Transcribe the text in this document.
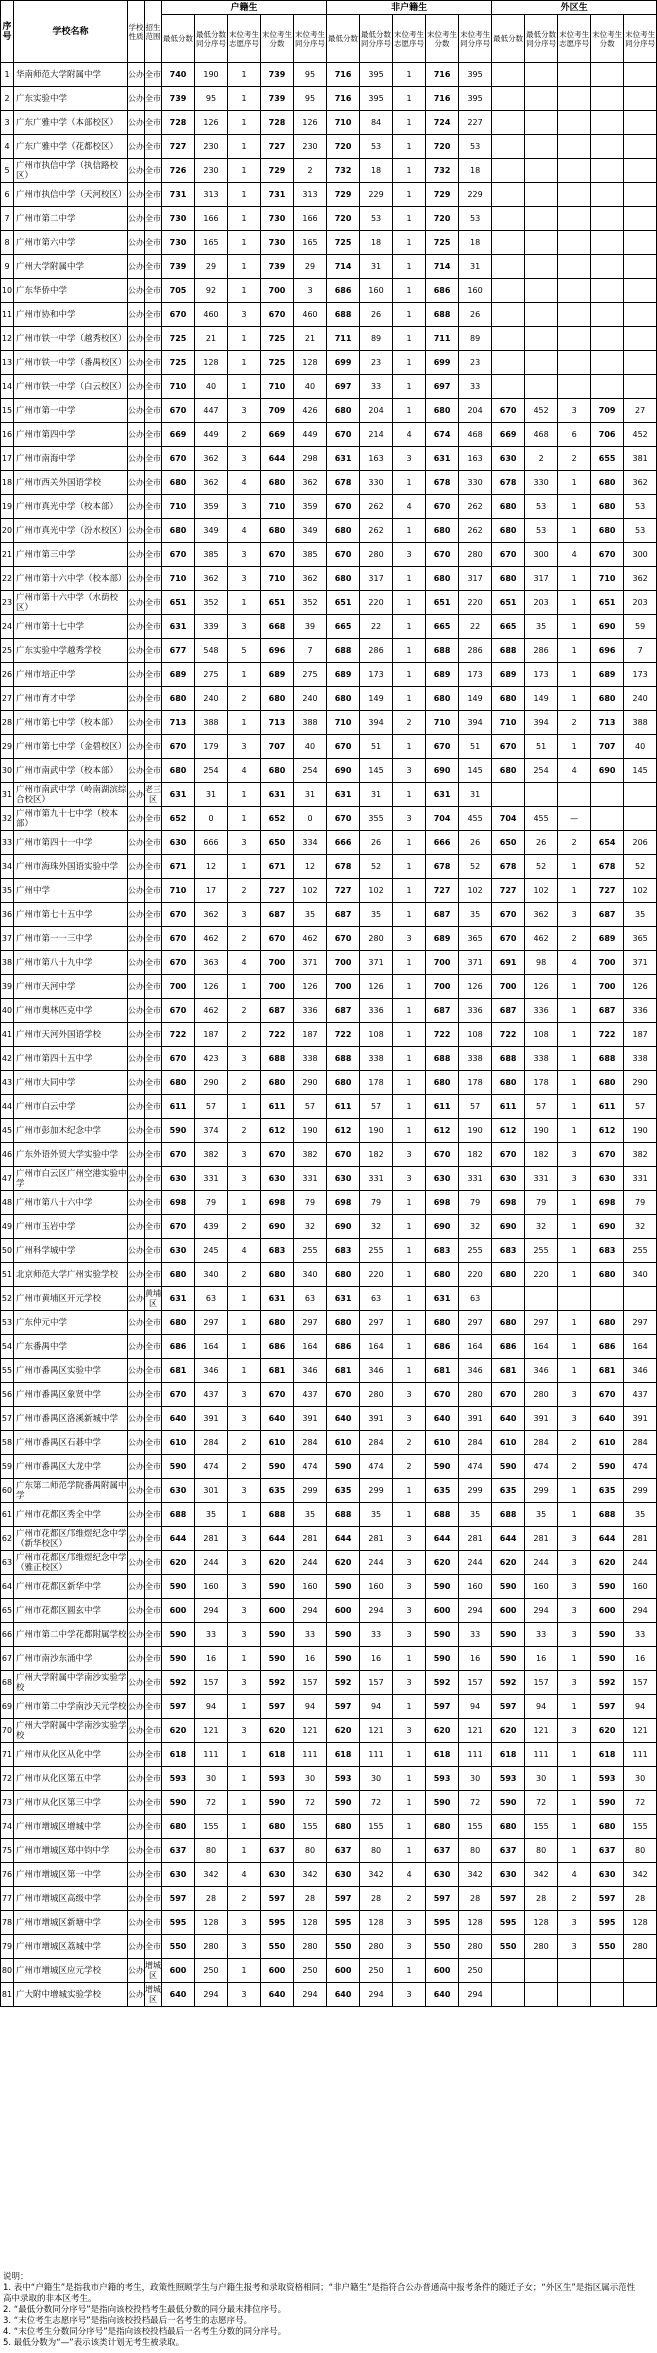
序号	学校名称	学校性质	招生范围	户籍生					非户籍生					外区生				
				最低分数	最低分数同分序号	末位考生志愿序号	末位考生分数	末位考生同分序号	最低分数	最低分数同分序号	末位考生志愿序号	末位考生分数	末位考生同分序号	最低分数	最低分数同分序号	末位考生志愿序号	末位考生分数	末位考生同分序号
1	华南师范大学附属中学	公办	全市	740	190	1	739	95	716	395	1	716	395					
2	广东实验中学	公办	全市	739	95	1	739	95	716	395	1	716	395					
3	广东广雅中学（本部校区）	公办	全市	728	126	1	728	126	710	84	1	724	227					
4	广东广雅中学（花都校区）	公办	全市	727	230	1	727	230	720	53	1	720	53					
5	广州市执信中学（执信路校区）	公办	全市	726	230	1	729	2	732	18	1	732	18					
6	广州市执信中学（天河校区）	公办	全市	731	313	1	731	313	729	229	1	729	229					
7	广州市第二中学	公办	全市	730	166	1	730	166	720	53	1	720	53					
8	广州市第六中学	公办	全市	730	165	1	730	165	725	18	1	725	18					
9	广州大学附属中学	公办	全市	739	29	1	739	29	714	31	1	714	31					
10	广东华侨中学	公办	全市	705	92	1	700	3	686	160	1	686	160					
11	广州市协和中学	公办	全市	670	460	3	670	460	688	26	1	688	26					
12	广州市铁一中学（越秀校区）	公办	全市	725	21	1	725	21	711	89	1	711	89					
13	广州市铁一中学（番禺校区）	公办	全市	725	128	1	725	128	699	23	1	699	23					
14	广州市铁一中学（白云校区）	公办	全市	710	40	1	710	40	697	33	1	697	33					
15	广州市第一中学	公办	全市	670	447	3	709	426	680	204	1	680	204	670	452	3	709	27
16	广州市第四中学	公办	全市	669	449	2	669	449	670	214	4	674	468	669	468	6	706	452
17	广州市南海中学	公办	全市	670	362	3	644	298	631	163	3	631	163	630	2	2	655	381
18	广州市西关外国语学校	公办	全市	680	362	4	680	362	678	330	1	678	330	678	330	1	680	362
19	广州市真光中学（校本部）	公办	全市	710	359	3	710	359	670	262	4	670	262	680	53	1	680	53
20	广州市真光中学（汾水校区）	公办	全市	680	349	4	680	349	680	262	1	680	262	680	53	1	680	53
21	广州市第三中学	公办	全市	670	385	3	670	385	670	280	3	670	280	670	300	4	670	300
22	广州市第十六中学（校本部）	公办	全市	710	362	3	710	362	680	317	1	680	317	680	317	1	710	362
23	广州市第十六中学（水荫校区）	公办	全市	651	352	1	651	352	651	220	1	651	220	651	203	1	651	203
24	广州市第十七中学	公办	全市	631	339	3	668	39	665	22	1	665	22	665	35	1	690	59
25	广东实验中学越秀学校	公办	全市	677	548	5	696	7	688	286	1	688	286	688	286	1	696	7
26	广州市培正中学	公办	全市	689	275	1	689	275	689	173	1	689	173	689	173	1	689	173
27	广州市育才中学	公办	全市	680	240	2	680	240	680	149	1	680	149	680	149	1	680	240
28	广州市第七中学（校本部）	公办	全市	713	388	1	713	388	710	394	2	710	394	710	394	2	713	388
29	广州市第七中学（金碧校区）	公办	全市	670	179	3	707	40	670	51	1	670	51	670	51	1	707	40
30	广州市南武中学（校本部）	公办	全市	680	254	4	680	254	690	145	3	690	145	680	254	4	690	145
31	广州市南武中学（岭南湖滨综合校区）	公办	老三区	631	31	1	631	31	631	31	1	631	31					
32	广州市第九十七中学（校本部）	公办	全市	652	0	1	652	0	670	355	3	704	455	704	455	—		
33	广州市第四十一中学	公办	全市	630	666	3	650	334	666	26	1	666	26	650	26	2	654	206
34	广州市海珠外国语实验中学	公办	全市	671	12	1	671	12	678	52	1	678	52	678	52	1	678	52
35	广州中学	公办	全市	710	17	2	727	102	727	102	1	727	102	727	102	1	727	102
36	广州市第七十五中学	公办	全市	670	362	3	687	35	687	35	1	687	35	670	362	3	687	35
37	广州市第一一三中学	公办	全市	670	462	2	670	462	670	280	3	689	365	670	462	2	689	365
38	广州市第八十九中学	公办	全市	670	363	4	700	371	700	371	1	700	371	691	98	4	700	371
39	广州市天河中学	公办	全市	700	126	1	700	126	700	126	1	700	126	700	126	1	700	126
40	广州市奥林匹克中学	公办	全市	670	462	2	687	336	687	336	1	687	336	687	336	1	687	336
41	广州市天河外国语学校	公办	全市	722	187	2	722	187	722	108	1	722	108	722	108	1	722	187
42	广州市第四十五中学	公办	全市	670	423	3	688	338	688	338	1	688	338	688	338	1	688	338
43	广州市大同中学	公办	全市	680	290	2	680	290	680	178	1	680	178	680	178	1	680	290
44	广州市白云中学	公办	全市	611	57	1	611	57	611	57	1	611	57	611	57	1	611	57
45	广州市彭加木纪念中学	公办	全市	590	374	2	612	190	612	190	1	612	190	612	190	1	612	190
46	广东外语外贸大学实验中学	公办	全市	670	382	3	670	382	670	182	3	670	182	670	182	3	670	382
47	广州市白云区广州空港实验中学	公办	全市	630	331	3	630	331	630	331	3	630	331	630	331	3	630	331
48	广州市第八十六中学	公办	全市	698	79	1	698	79	698	79	1	698	79	698	79	1	698	79
49	广州市玉岩中学	公办	全市	670	439	2	690	32	690	32	1	690	32	690	32	1	690	32
50	广州科学城中学	公办	全市	630	245	4	683	255	683	255	1	683	255	683	255	1	683	255
51	北京师范大学广州实验学校	公办	全市	680	340	2	680	340	680	220	1	680	220	680	220	1	680	340
52	广州市黄埔区开元学校	公办	黄埔区	631	63	1	631	63	631	63	1	631	63					
53	广东仲元中学	公办	全市	680	297	1	680	297	680	297	1	680	297	680	297	1	680	297
54	广东番禺中学	公办	全市	686	164	1	686	164	686	164	1	686	164	686	164	1	686	164
55	广州市番禺区实验中学	公办	全市	681	346	1	681	346	681	346	1	681	346	681	346	1	681	346
56	广州市番禺区象贤中学	公办	全市	670	437	3	670	437	670	280	3	670	280	670	280	3	670	437
57	广州市番禺区洛溪新城中学	公办	全市	640	391	3	640	391	640	391	3	640	391	640	391	3	640	391
58	广州市番禺区石碁中学	公办	全市	610	284	2	610	284	610	284	2	610	284	610	284	2	610	284
59	广州市番禺区大龙中学	公办	全市	590	474	2	590	474	590	474	2	590	474	590	474	2	590	474
60	广东第二师范学院番禺附属中学	公办	全市	630	301	3	635	299	635	299	1	635	299	635	299	1	635	299
61	广州市花都区秀全中学	公办	全市	688	35	1	688	35	688	35	1	688	35	688	35	1	688	35
62	广州市花都区邝维煜纪念中学（新华校区）	公办	全市	644	281	3	644	281	644	281	3	644	281	644	281	3	644	281
63	广州市花都区邝维煜纪念中学（雅正校区）	公办	全市	620	244	3	620	244	620	244	3	620	244	620	244	3	620	244
64	广州市花都区新华中学	公办	全市	590	160	3	590	160	590	160	3	590	160	590	160	3	590	160
65	广州市花都区圆玄中学	公办	全市	600	294	3	600	294	600	294	3	600	294	600	294	3	600	294
66	广州市第二中学花都附属学校	公办	全市	590	33	3	590	33	590	33	3	590	33	590	33	3	590	33
67	广州市南沙东涌中学	公办	全市	590	16	1	590	16	590	16	1	590	16	590	16	1	590	16
68	广州大学附属中学南沙实验学校	公办	全市	592	157	3	592	157	592	157	3	592	157	592	157	3	592	157
69	广州市第二中学南沙天元学校	公办	全市	597	94	1	597	94	597	94	1	597	94	597	94	1	597	94
70	广州大学附属中学南沙实验学校	公办	全市	620	121	3	620	121	620	121	3	620	121	620	121	3	620	121
71	广州市从化区从化中学	公办	全市	618	111	1	618	111	618	111	1	618	111	618	111	1	618	111
72	广州市从化区第五中学	公办	全市	593	30	1	593	30	593	30	1	593	30	593	30	1	593	30
73	广州市从化区第三中学	公办	全市	590	72	1	590	72	590	72	1	590	72	590	72	1	590	72
74	广州市增城区增城中学	公办	全市	680	155	1	680	155	680	155	1	680	155	680	155	1	680	155
75	广州市增城区郑中钧中学	公办	全市	637	80	1	637	80	637	80	1	637	80	637	80	1	637	80
76	广州市增城区第一中学	公办	全市	630	342	4	630	342	630	342	4	630	342	630	342	4	630	342
77	广州市增城区高级中学	公办	全市	597	28	2	597	28	597	28	2	597	28	597	28	2	597	28
78	广州市增城区新塘中学	公办	全市	595	128	3	595	128	595	128	3	595	128	595	128	3	595	128
79	广州市增城区荔城中学	公办	全市	550	280	3	550	280	550	280	3	550	280	550	280	3	550	280
80	广州市增城区应元学校	公办	增城区	600	250	1	600	250	600	250	1	600	250					
81	广大附中增城实验学校	公办	增城区	640	294	3	640	294	640	294	3	640	294					
说明：
1. 表中“户籍生”是指我市户籍的考生，政策性照顾学生与户籍生报考和录取资格相同；“非户籍生”是指符合公办普通高中报考条件的随迁子女；“外区生”是指区属示范性高中录取的非本区考生。
2. “最低分数同分序号”是指向该校投档考生最低分数的同分最末排位序号。
3. “末位考生志愿序号”是指向该校投档最后一名考生的志愿序号。
4. “末位考生分数同分序号”是指向该校投档最后一名考生分数的同分序号。
5. 最低分数为“—”表示该类计划无考生被录取。
